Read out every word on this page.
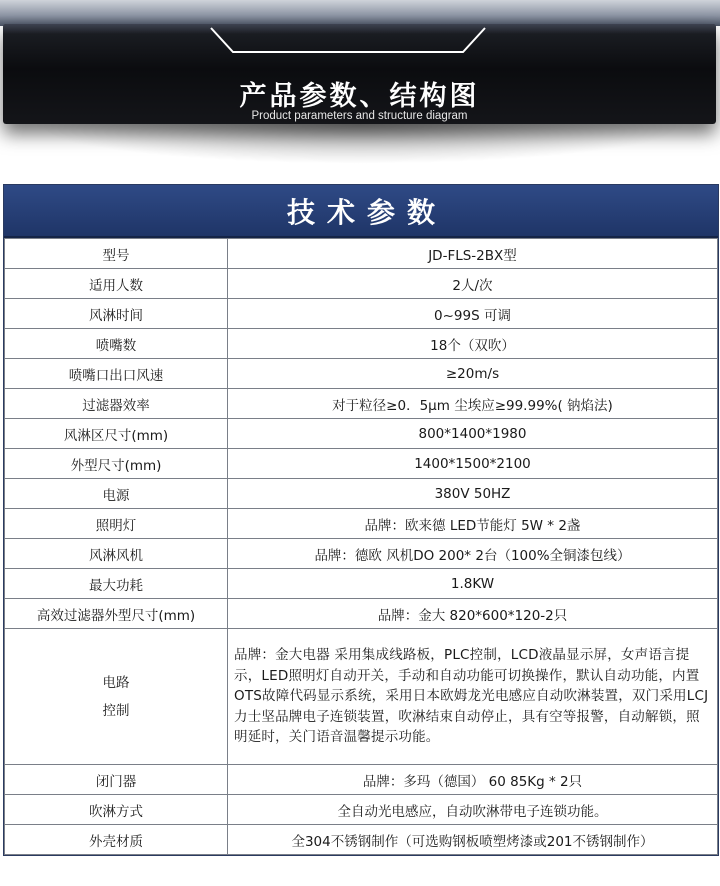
产品参数、结构图
Product parameters and structure diagram
技术参数
型号	JD-FLS-2BX型
适用人数	2人/次
风淋时间	0~99S 可调
喷嘴数	18个（双吹）
喷嘴口出口风速	≥20m/s
过滤器效率	对于粒径≥0．5μm 尘埃应≥99.99%( 钠焰法)
风淋区尺寸(mm)	800*1400*1980
外型尺寸(mm)	1400*1500*2100
电源	380V 50HZ
照明灯	品牌：欧来德 LED节能灯 5W * 2盏
风淋风机	品牌：德欧 风机DO 200* 2台（100%全铜漆包线）
最大功耗	1.8KW
高效过滤器外型尺寸(mm)	品牌：金大 820*600*120-2只

电路
控制	品牌：金大电器 采用集成线路板，PLC控制，LCD液晶显示屏，女声语言提示，LED照明灯自动开关，手动和自动功能可切换操作，默认自动功能，内置OTS故障代码显示系统，采用日本欧姆龙光电感应自动吹淋装置，双门采用LCJ力士坚品牌电子连锁装置，吹淋结束自动停止，具有空等报警，自动解锁，照明延时，关门语音温馨提示功能。
闭门器	品牌：多玛（德国） 60 85Kg * 2只
吹淋方式	全自动光电感应，自动吹淋带电子连锁功能。
外壳材质	全304不锈钢制作（可选购钢板喷塑烤漆或201不锈钢制作）
